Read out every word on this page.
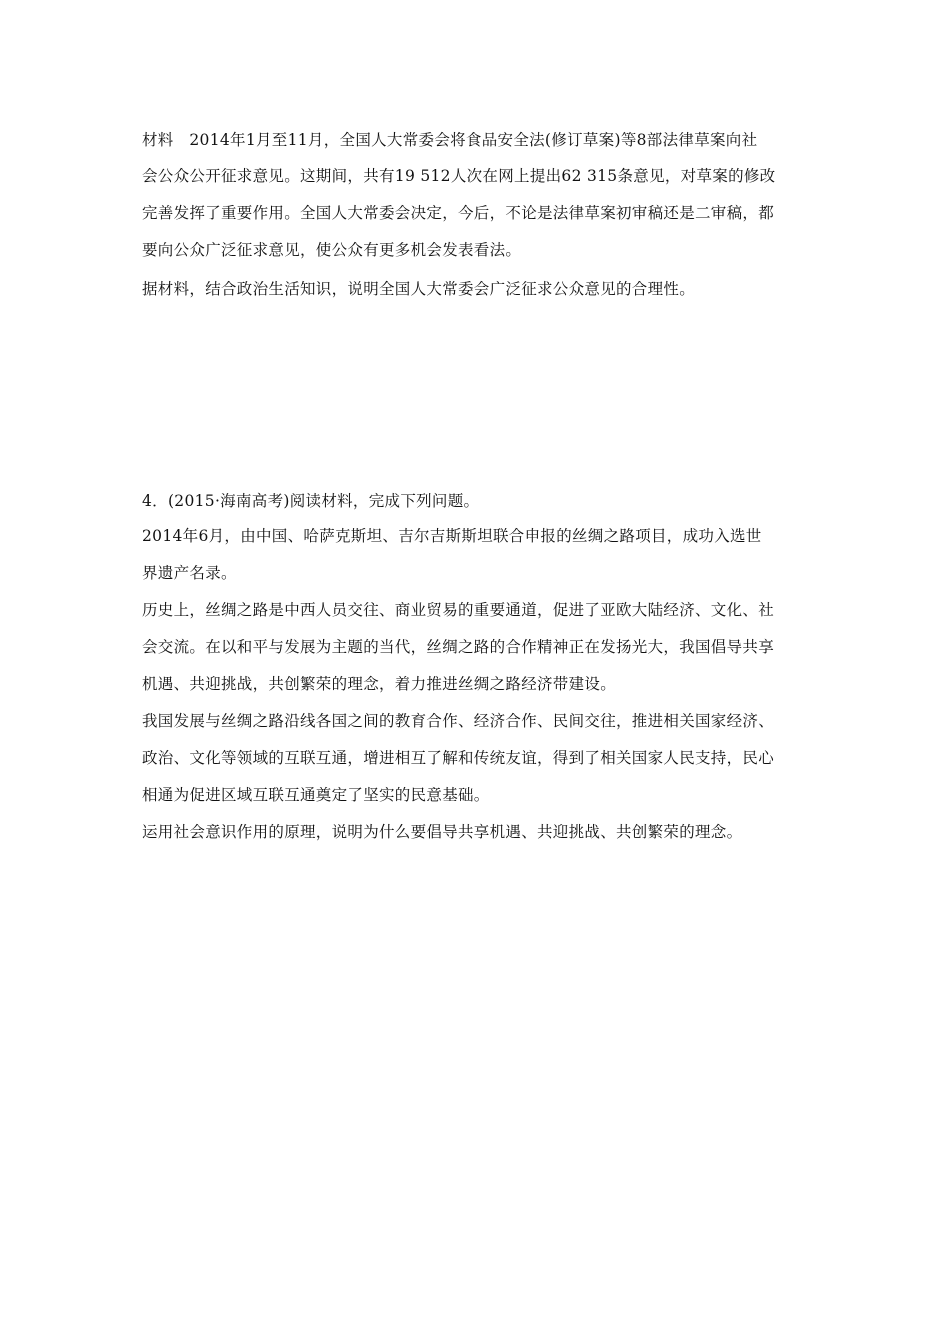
材料　2014年1月至11月，全国人大常委会将食品安全法(修订草案)等8部法律草案向社
会公众公开征求意见。这期间，共有19 512人次在网上提出62 315条意见，对草案的修改
完善发挥了重要作用。全国人大常委会决定，今后，不论是法律草案初审稿还是二审稿，都
要向公众广泛征求意见，使公众有更多机会发表看法。
据材料，结合政治生活知识，说明全国人大常委会广泛征求公众意见的合理性。
4．(2015·海南高考)阅读材料，完成下列问题。
2014年6月，由中国、哈萨克斯坦、吉尔吉斯斯坦联合申报的丝绸之路项目，成功入选世
界遗产名录。
历史上，丝绸之路是中西人员交往、商业贸易的重要通道，促进了亚欧大陆经济、文化、社
会交流。在以和平与发展为主题的当代，丝绸之路的合作精神正在发扬光大，我国倡导共享
机遇、共迎挑战，共创繁荣的理念，着力推进丝绸之路经济带建设。
我国发展与丝绸之路沿线各国之间的教育合作、经济合作、民间交往，推进相关国家经济、
政治、文化等领域的互联互通，增进相互了解和传统友谊，得到了相关国家人民支持，民心
相通为促进区域互联互通奠定了坚实的民意基础。
运用社会意识作用的原理，说明为什么要倡导共享机遇、共迎挑战、共创繁荣的理念。
